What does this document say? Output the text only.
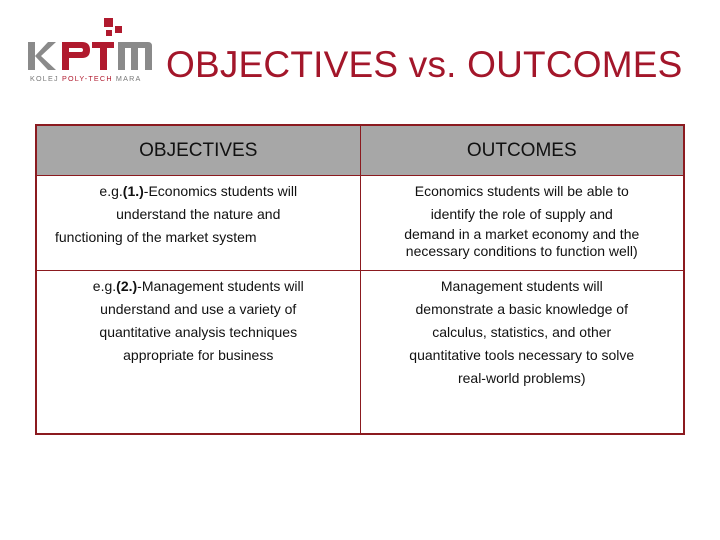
KOLEJ POLY-TECH MARA OBJECTIVES vs. OUTCOMES
OBJECTIVES	OUTCOMES

e.g.(1.)-Economics students will
understand the nature and
functioning of the market system	Economics students will be able to
identify the role of supply and
demand in a market economy and the
necessary conditions to function well)

e.g.(2.)-Management students will
understand and use a variety of
quantitative analysis techniques
appropriate for business	Management students will
demonstrate a basic knowledge of
calculus, statistics, and other
quantitative tools necessary to solve
real-world problems)
